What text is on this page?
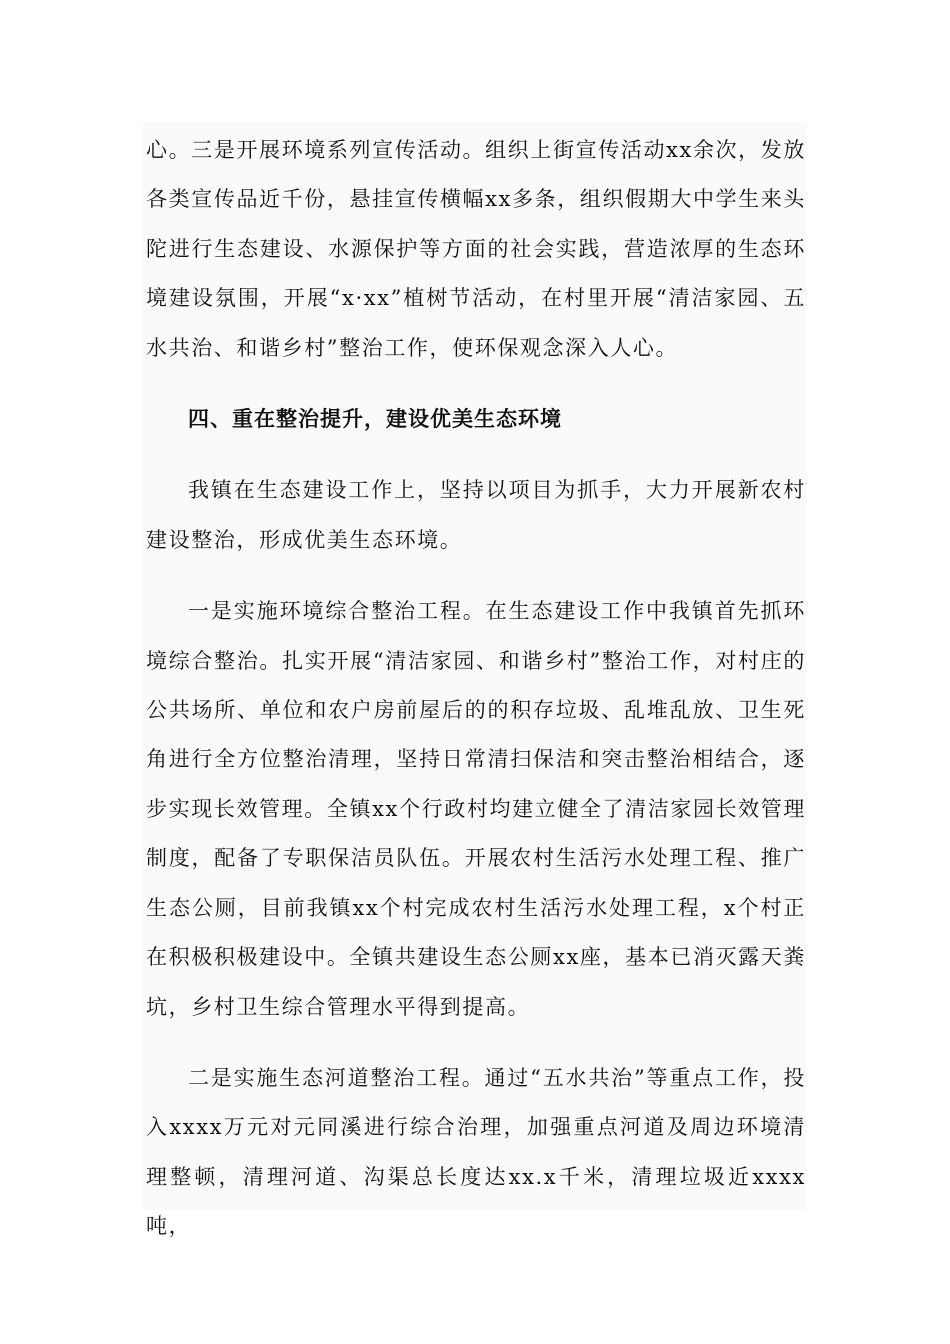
心。三是开展环境系列宣传活动。组织上街宣传活动xx余次，发放各类宣传品近千份，悬挂宣传横幅xx多条，组织假期大中学生来头陀进行生态建设、水源保护等方面的社会实践，营造浓厚的生态环境建设氛围，开展“x·xx”植树节活动，在村里开展“清洁家园、五水共治、和谐乡村”整治工作，使环保观念深入人心。

四、重在整治提升，建设优美生态环境

我镇在生态建设工作上，坚持以项目为抓手，大力开展新农村建设整治，形成优美生态环境。

一是实施环境综合整治工程。在生态建设工作中我镇首先抓环境综合整治。扎实开展“清洁家园、和谐乡村”整治工作，对村庄的公共场所、单位和农户房前屋后的的积存垃圾、乱堆乱放、卫生死角进行全方位整治清理，坚持日常清扫保洁和突击整治相结合，逐步实现长效管理。全镇xx个行政村均建立健全了清洁家园长效管理制度，配备了专职保洁员队伍。开展农村生活污水处理工程、推广生态公厕，目前我镇xx个村完成农村生活污水处理工程，x个村正在积极积极建设中。全镇共建设生态公厕xx座，基本已消灭露天粪坑，乡村卫生综合管理水平得到提高。

二是实施生态河道整治工程。通过“五水共治”等重点工作，投入xxxx万元对元同溪进行综合治理，加强重点河道及周边环境清理整顿，清理河道、沟渠总长度达xx.x千米，清理垃圾近xxxx吨，
